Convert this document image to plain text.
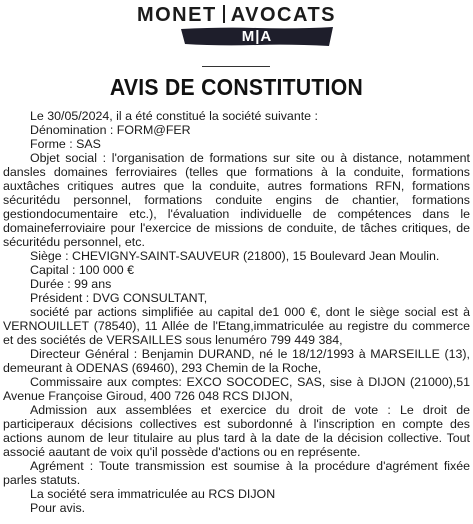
MONET AVOCATS
M|A
AVIS DE CONSTITUTION

Le 30/05/2024, il a été constitué la société suivante :

Dénomination : FORM@FER

Forme : SAS

Objet social : l'organisation de formations sur site ou à distance, notamment dansles domaines ferroviaires (telles que formations à la conduite, formations auxtâches critiques autres que la conduite, autres formations RFN, formations sécuritédu personnel, formations conduite engins de chantier, formations gestiondocumentaire etc.), l'évaluation individuelle de compétences dans le domaineferroviaire pour l'exercice de missions de conduite, de tâches critiques, de sécuritédu personnel, etc.

Siège : CHEVIGNY-SAINT-SAUVEUR (21800), 15 Boulevard Jean Moulin.

Capital : 100 000 €

Durée : 99 ans

Président : DVG CONSULTANT,

société par actions simplifiée au capital de1 000 €, dont le siège social est à VERNOUILLET (78540), 11 Allée de l'Etang,immatriculée au registre du commerce et des sociétés de VERSAILLES sous lenuméro 799 449 384,

Directeur Général : Benjamin DURAND, né le 18/12/1993 à MARSEILLE (13), demeurant à ODENAS (69460), 293 Chemin de la Roche,

Commissaire aux comptes: EXCO SOCODEC, SAS, sise à DIJON (21000),51 Avenue Françoise Giroud, 400 726 048 RCS DIJON,

Admission aux assemblées et exercice du droit de vote : Le droit de participeraux décisions collectives est subordonné à l'inscription en compte des actions aunom de leur titulaire au plus tard à la date de la décision collective. Tout associé aautant de voix qu'il possède d'actions ou en représente.

Agrément : Toute transmission est soumise à la procédure d'agrément fixée parles statuts.

La société sera immatriculée au RCS DIJON

Pour avis.
